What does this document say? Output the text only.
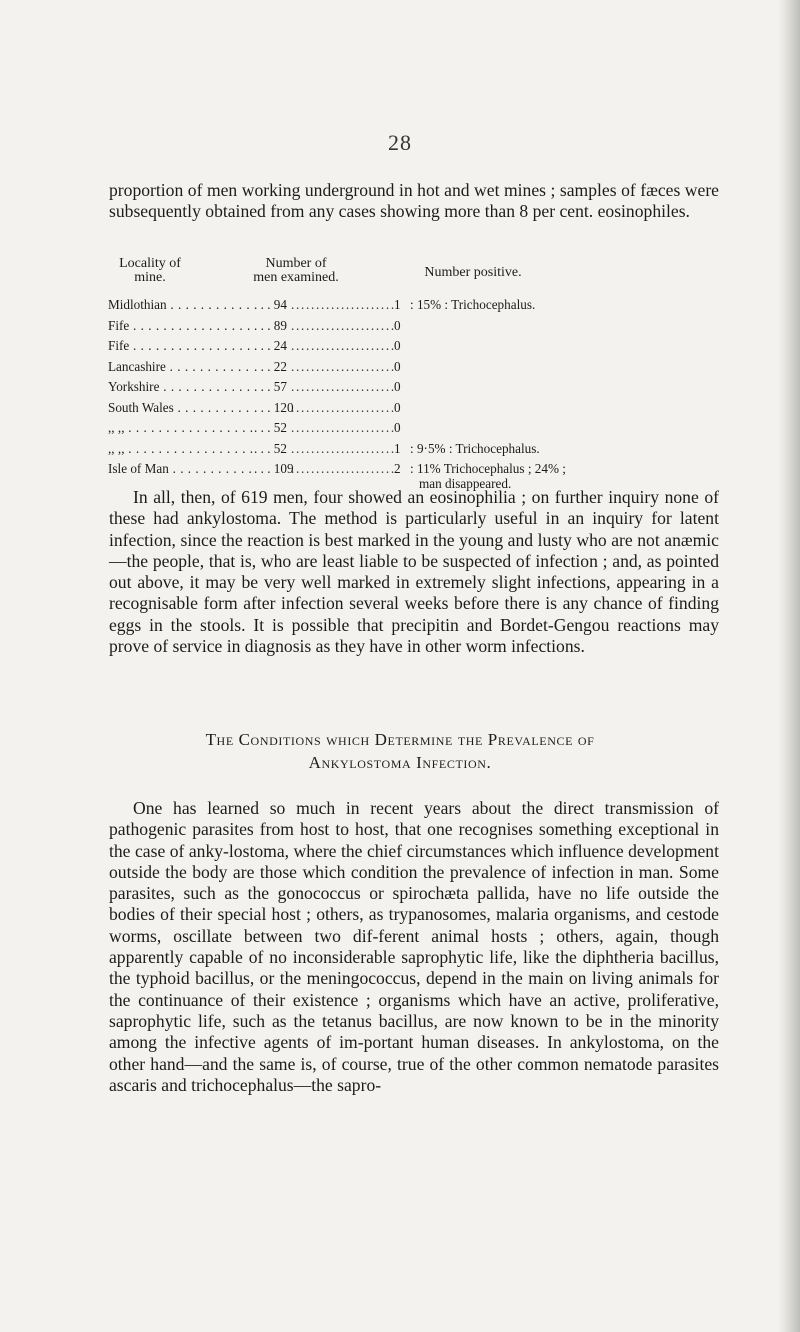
28

proportion of men working underground in hot and wet mines ; samples of fæces were subsequently obtained from any cases showing more than 8 per cent. eosinophiles.

Locality of
mine.
Number of
men examined.	Number positive.
Midlothian . . .	. . . 94 . . .	1 : 15% : Trichocephalus.
Fife . . .	. . . 89 . . .	0
Fife . . .	. . . 24 . . .	0
Lancashire . . .	. . . 22 . . .	0
Yorkshire . . .	. . . 57 . . .	0
South Wales . . .	. . . 120 . . .	0
,, ,, . . .	. . . 52 . . .	0
,, ,, . . .	. . . 52 . . .	1 : 9·5% : Trichocephalus.
Isle of Man . . .	. . . 109 . . .	2 : 11% Trichocephalus ; 24% ;
man disappeared.

In all, then, of 619 men, four showed an eosinophilia ; on further inquiry none of these had ankylostoma. The method is particularly useful in an inquiry for latent infection, since the reaction is best marked in the young and lusty who are not anæmic—the people, that is, who are least liable to be suspected of infection ; and, as pointed out above, it may be very well marked in extremely slight infections, appearing in a recognisable form after infection several weeks before there is any chance of finding eggs in the stools. It is possible that precipitin and Bordet-Gengou reactions may prove of service in diagnosis as they have in other worm infections.

The Conditions which Determine the Prevalence of
Ankylostoma Infection.

One has learned so much in recent years about the direct transmission of pathogenic parasites from host to host, that one recognises something exceptional in the case of anky-lostoma, where the chief circumstances which influence development outside the body are those which condition the prevalence of infection in man. Some parasites, such as the gonococcus or spirochæta pallida, have no life outside the bodies of their special host ; others, as trypanosomes, malaria organisms, and cestode worms, oscillate between two dif-ferent animal hosts ; others, again, though apparently capable of no inconsiderable saprophytic life, like the diphtheria bacillus, the typhoid bacillus, or the meningococcus, depend in the main on living animals for the continuance of their existence ; organisms which have an active, proliferative, saprophytic life, such as the tetanus bacillus, are now known to be in the minority among the infective agents of im-portant human diseases. In ankylostoma, on the other hand—and the same is, of course, true of the other common nematode parasites ascaris and trichocephalus—the sapro-
